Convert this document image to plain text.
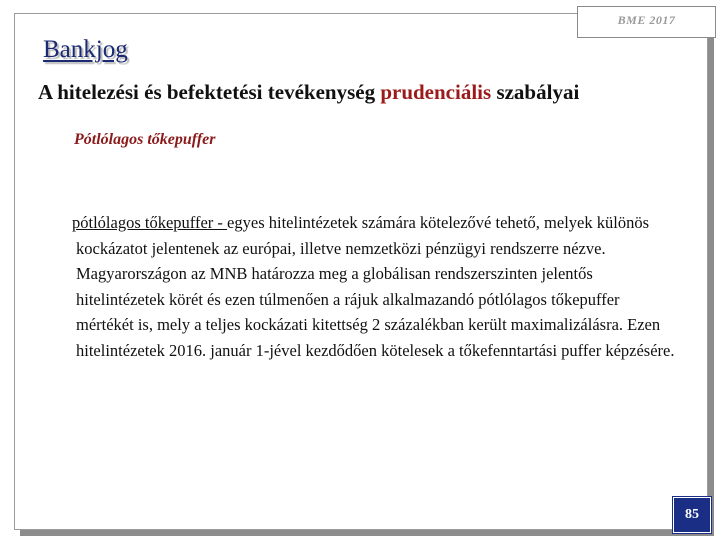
BME 2017
Bankjog
A hitelezési és befektetési tevékenység prudenciális szabályai
Pótlólagos tőkepuffer

pótlólagos tőkepuffer - egyes hitelintézetek számára kötelezővé tehető, melyek különös kockázatot jelentenek az európai, illetve nemzetközi pénzügyi rendszerre nézve. Magyarországon az MNB határozza meg a globálisan rendszerszinten jelentős hitelintézetek körét és ezen túlmenően a rájuk alkalmazandó pótlólagos tőkepuffer mértékét is, mely a teljes kockázati kitettség 2 százalékban került maximalizálásra. Ezen hitelintézetek 2016. január 1-jével kezdődően kötelesek a tőkefenntartási puffer képzésére.

85
